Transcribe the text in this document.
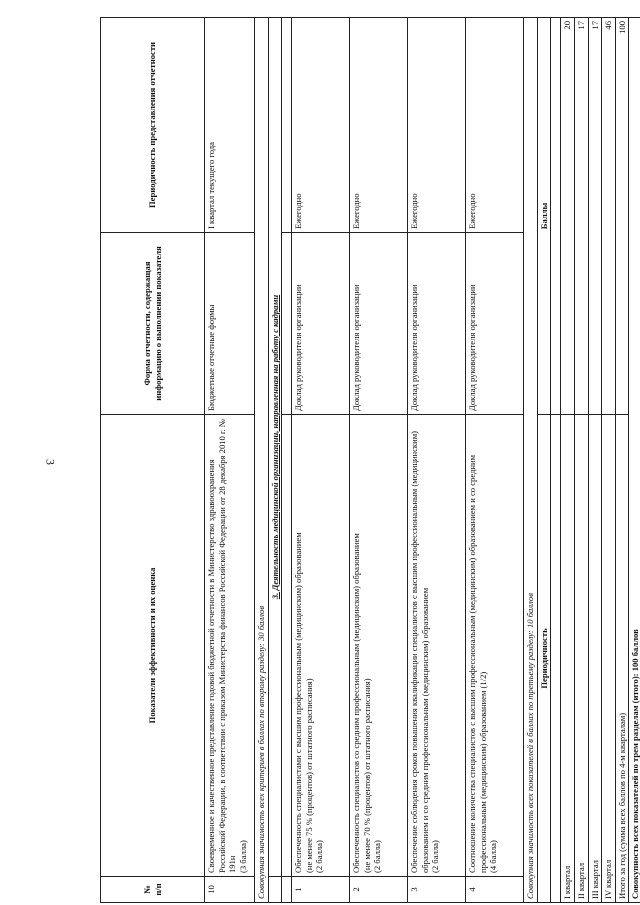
3
№
п/п	Показатели эффективности и их оценка	Форма отчетности, содержащая информацию о выполнении показателя	Периодичность представления отчетности
10	Своевременное и качественное представление годовой бюджетной отчетности в Министерство здравоохранения Российской Федерации, в соответствии с приказом Министерства финансов Российской Федерации от 28 декабря 2010 г. № 191н
(3 балла)	Бюджетные отчетные формы	I квартал текущего года
Совокупная значимость всех критериев в баллах по второму разделу: 30 баллов			
	3. Деятельность медицинской организации, направленная на работу с кадрами		

1	Обеспеченность специалистами с высшим профессиональным (медицинским) образованием
(не менее 75 % (процентов) от штатного расписания)
(2 балла)	Доклад руководителя организации	Ежегодно
2	Обеспеченность специалистов со средним профессиональным (медицинским) образованием
(не менее 70 % (процентов) от штатного расписания)
(2 балла)	Доклад руководителя организации	Ежегодно
3	Обеспечение соблюдения сроков повышения квалификации специалистов с высшим профессиональным (медицинским) образованием и со средним профессиональным (медицинским) образованием
(2 балла)	Доклад руководителя организации	Ежегодно
4	Соотношение количества специалистов с высшим профессиональным (медицинским) образованием и со средним профессиональным (медицинским) образованием (1/2)
(4 балла)	Доклад руководителя организации	Ежегодно
Совокупная значимость всех показателей в баллах по третьему разделу: 10 баллов			
Периодичность		Баллы	

I квартал		20	
II квартал		17	
III квартал		17	
IV квартал		46	
Итого за год (сумма всех баллов по 4-м кварталам)		100	
Совокупность всех показателей по трем разделам (итого): 100 баллов			
